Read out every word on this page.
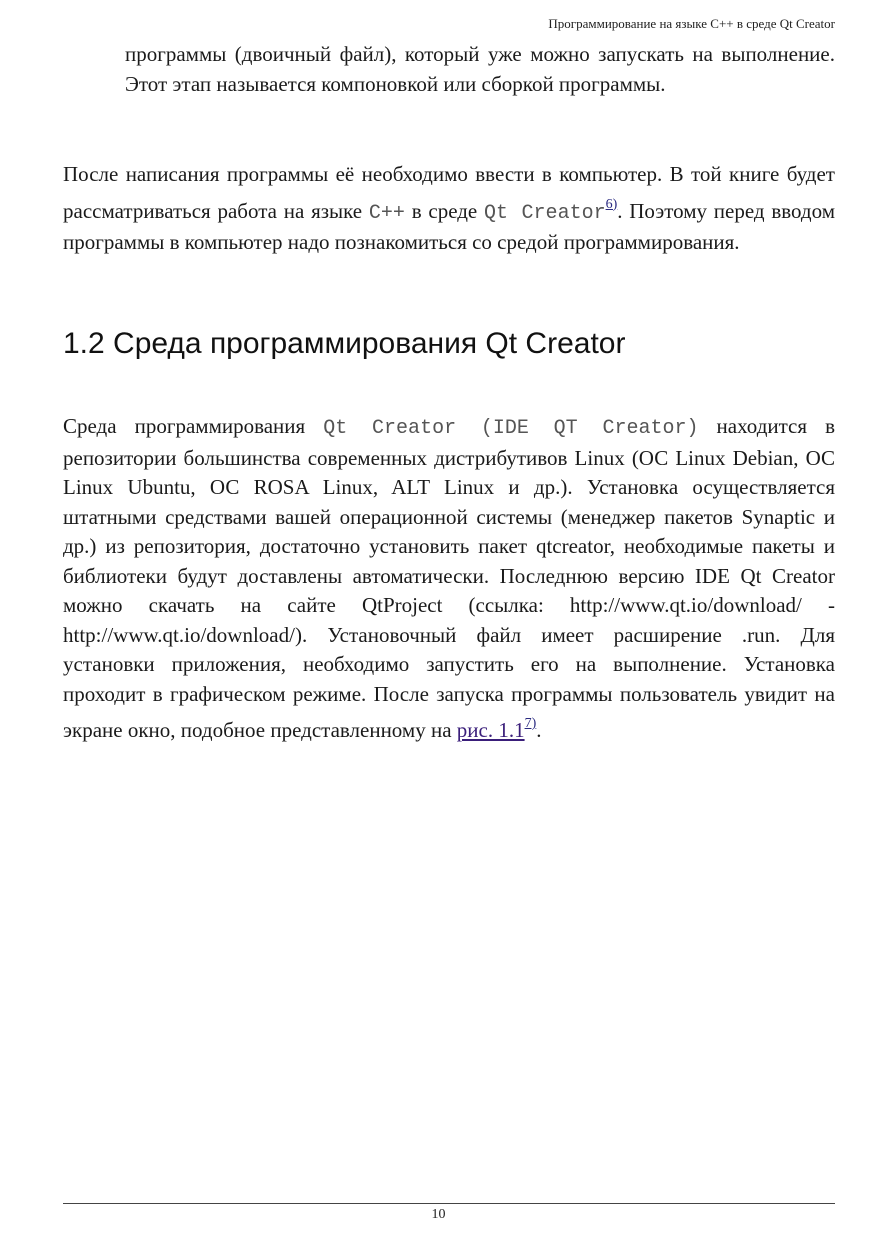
Программирование на языке C++ в среде Qt Creator

программы (двоичный файл), который уже можно запускать на выполнение. Этот этап называется компоновкой или сборкой программы.

После написания программы её необходимо ввести в компьютер. В той книге будет рассматриваться работа на языке C++ в среде Qt Creator$^{6)}$. Поэтому перед вводом программы в компьютер надо познакомиться со средой программирования.

1.2 Среда программирования Qt Creator

Среда программирования Qt Creator (IDE QT Creator) находится в репозитории большинства современных дистрибутивов Linux (ОС Linux Debian, ОС Linux Ubuntu, ОС ROSA Linux, ALT Linux и др.). Установка осуществляется штатными средствами вашей операционной системы (менеджер пакетов Synaptic и др.) из репозитория, достаточно установить пакет qtcreator, необходимые пакеты и библиотеки будут доставлены автоматически. Последнюю версию IDE Qt Creator можно скачать на сайте QtProject (ссылка: http://www.qt.io/download/ - http://www.qt.io/download/). Установочный файл имеет расширение .run. Для установки приложения, необходимо запустить его на выполнение. Установка проходит в графическом режиме. После запуска программы пользователь увидит на экране окно, подобное представленному на рис. 1.1$^{7)}$.

10
